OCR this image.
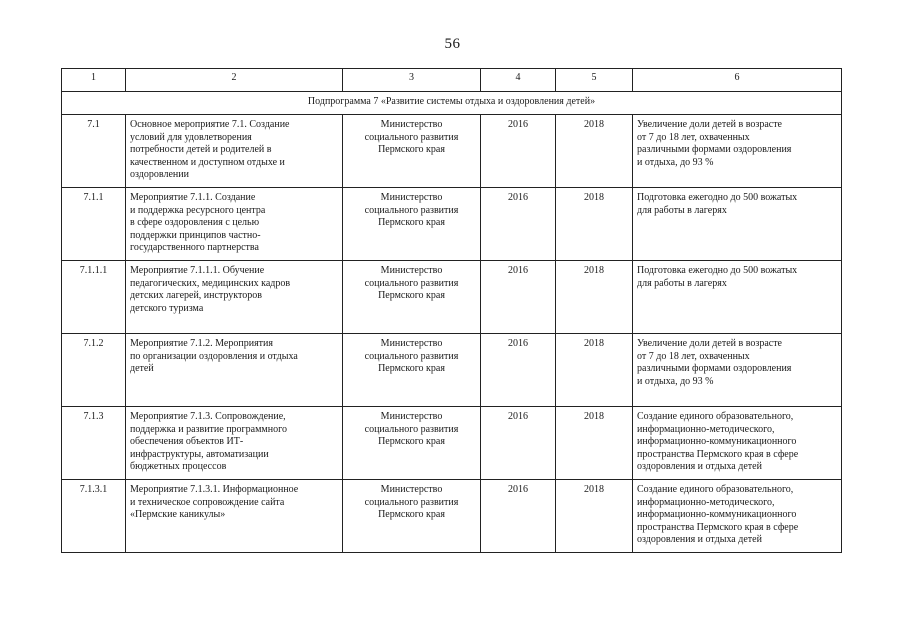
56
1	2	3	4	5	6
Подпрограмма 7 «Развитие системы отдыха и оздоровления детей»					
7.1	Основное мероприятие 7.1. Создание
условий для удовлетворения
потребности детей и родителей в
качественном и доступном отдыхе и
оздоровлении	Министерство
социального развития
Пермского края	2016	2018	Увеличение доли детей в возрасте
от 7 до 18 лет, охваченных
различными формами оздоровления
и отдыха, до 93 %
7.1.1	Мероприятие 7.1.1. Создание
и поддержка ресурсного центра
в сфере оздоровления с целью
поддержки принципов частно-
государственного партнерства	Министерство
социального развития
Пермского края	2016	2018	Подготовка ежегодно до 500 вожатых
для работы в лагерях
7.1.1.1	Мероприятие 7.1.1.1. Обучение
педагогических, медицинских кадров
детских лагерей, инструкторов
детского туризма	Министерство
социального развития
Пермского края	2016	2018	Подготовка ежегодно до 500 вожатых
для работы в лагерях
7.1.2	Мероприятие 7.1.2. Мероприятия
по организации оздоровления и отдыха
детей	Министерство
социального развития
Пермского края	2016	2018	Увеличение доли детей в возрасте
от 7 до 18 лет, охваченных
различными формами оздоровления
и отдыха, до 93 %
7.1.3	Мероприятие 7.1.3. Сопровождение,
поддержка и развитие программного
обеспечения объектов ИТ-
инфраструктуры, автоматизации
бюджетных процессов	Министерство
социального развития
Пермского края	2016	2018	Создание единого образовательного,
информационно-методического,
информационно-коммуникационного
пространства Пермского края в сфере
оздоровления и отдыха детей
7.1.3.1	Мероприятие 7.1.3.1. Информационное
и техническое сопровождение сайта
«Пермские каникулы»	Министерство
социального развития
Пермского края	2016	2018	Создание единого образовательного,
информационно-методического,
информационно-коммуникационного
пространства Пермского края в сфере
оздоровления и отдыха детей
